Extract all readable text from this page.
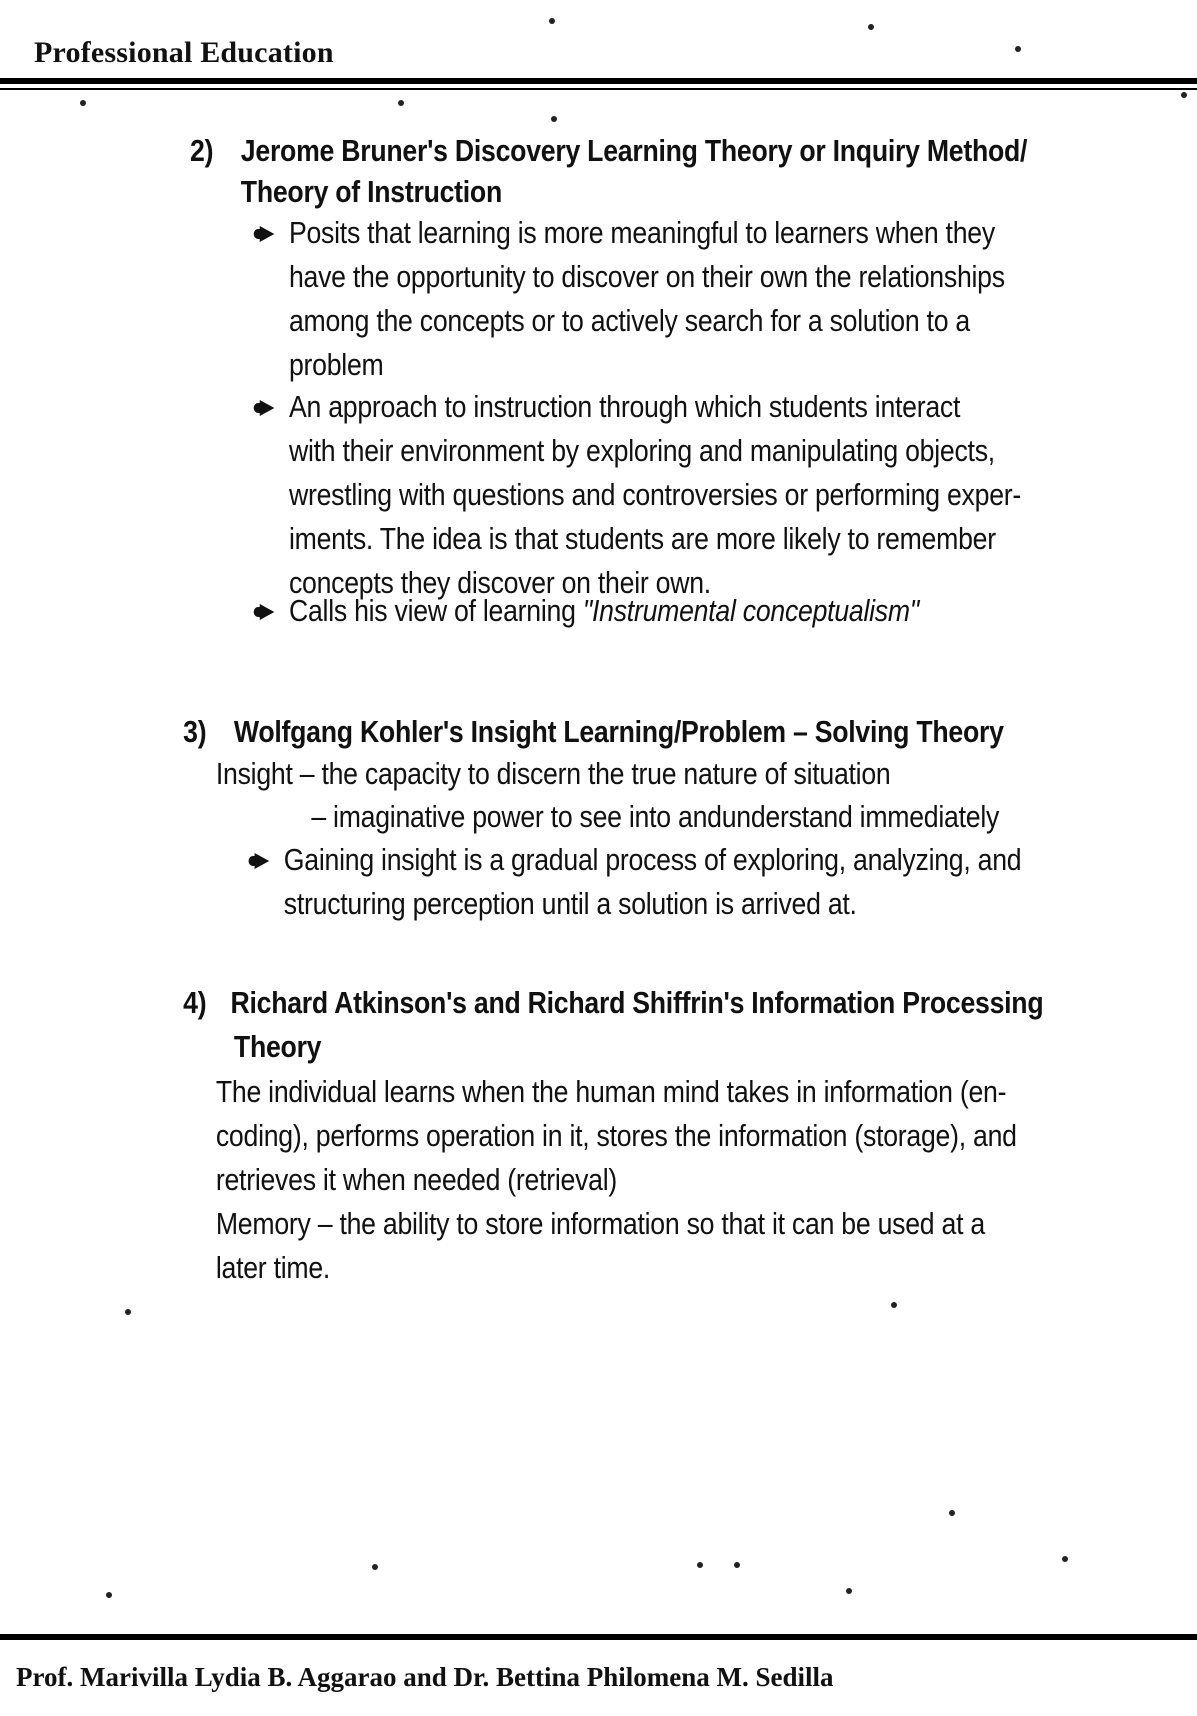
Professional Education
2) Jerome Bruner's Discovery Learning Theory or Inquiry Method/
Theory of Instruction
Posits that learning is more meaningful to learners when they
have the opportunity to discover on their own the relationships
among the concepts or to actively search for a solution to a
problem
An approach to instruction through which students interact
with their environment by exploring and manipulating objects,
wrestling with questions and controversies or performing exper-
iments. The idea is that students are more likely to remember
concepts they discover on their own.
Calls his view of learning "Instrumental conceptualism"
3) Wolfgang Kohler's Insight Learning/Problem – Solving Theory
Insight – the capacity to discern the true nature of situation
– imaginative power to see into andunderstand immediately
Gaining insight is a gradual process of exploring, analyzing, and
structuring perception until a solution is arrived at.
4) Richard Atkinson's and Richard Shiffrin's Information Processing
Theory
The individual learns when the human mind takes in information (en-
coding), performs operation in it, stores the information (storage), and
retrieves it when needed (retrieval)
Memory – the ability to store information so that it can be used at a
later time.
Prof. Marivilla Lydia B. Aggarao and Dr. Bettina Philomena M. Sedilla
